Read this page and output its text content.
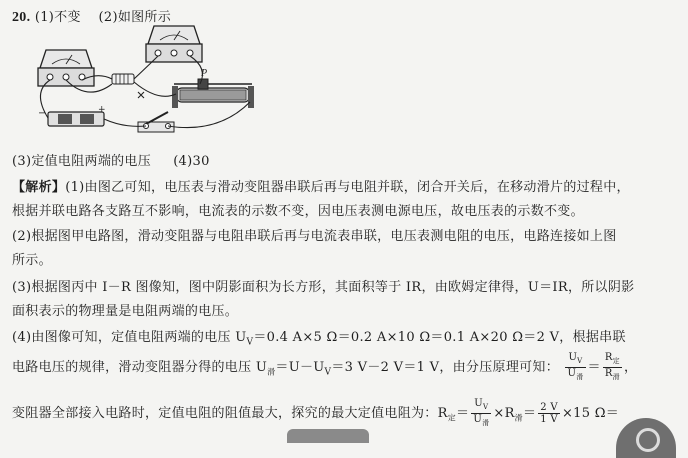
20. (1)不变 (2)如图所示
P
−	+
(3)定值电阻两端的电压 (4)30
【解析】(1)由图乙可知，电压表与滑动变阻器串联后再与电阻并联，闭合开关后，在移动滑片的过程中，
根据并联电路各支路互不影响，电流表的示数不变，因电压表测电源电压，故电压表的示数不变。
(2)根据图甲电路图，滑动变阻器与电阻串联后再与电流表串联，电压表测电阻的电压，电路连接如上图
所示。
(3)根据图丙中 I－R 图像知，图中阴影面积为长方形，其面积等于 IR，由欧姆定律得，U＝IR，所以阴影
面积表示的物理量是电阻两端的电压。
(4)由图像可知，定值电阻两端的电压 $U_V=0.4$ A×5 Ω＝0.2 A×10 Ω＝0.1 A×20 Ω＝2 V，根据串联
电路电压的规律，滑动变阻器分得的电压 $U_滑=U-U_V=3$ V－2 V＝1 V，由分压原理可知： $\frac{U_V}{U_滑} = \frac{R_定}{R_滑}$ ，
变阻器全部接入电路时，定值电阻的阻值最大，探究的最大定值电阻为：$R_定= \frac{U_V}{U_滑} \times R_滑= \frac{2 V}{1 V} \times 15$ Ω＝
